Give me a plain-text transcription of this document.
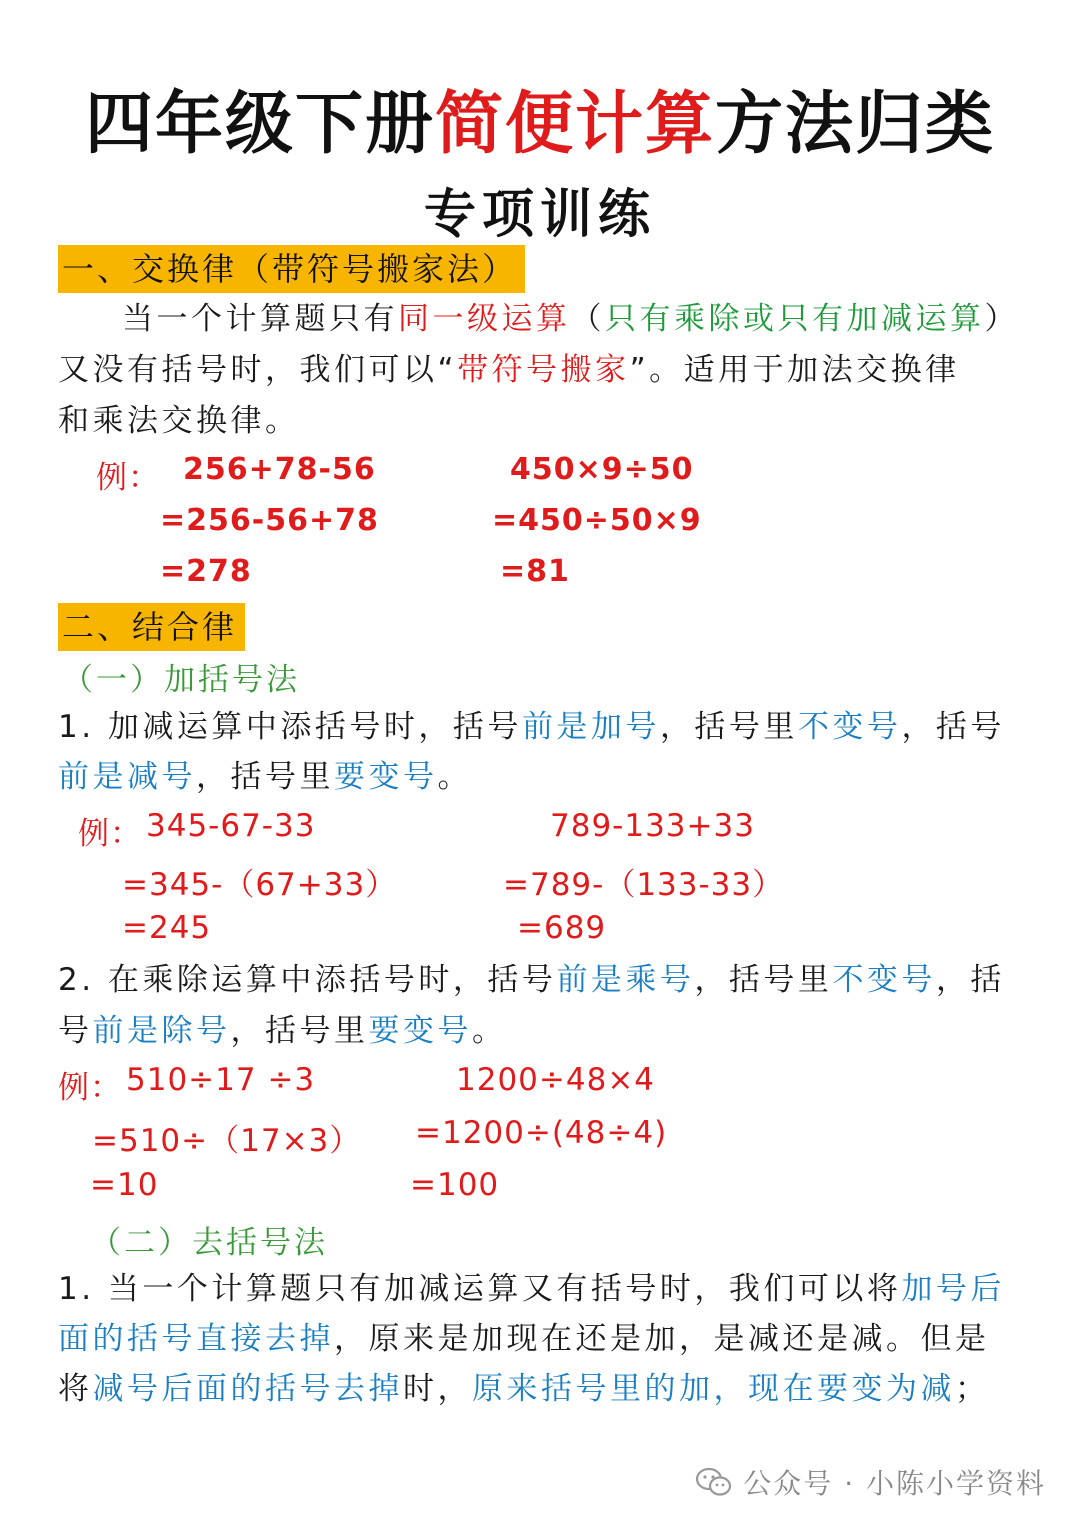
四年级下册简便计算方法归类
专项训练
一、交换律（带符号搬家法）
当一个计算题只有同一级运算（只有乘除或只有加减运算）
又没有括号时，我们可以“带符号搬家”。适用于加法交换律
和乘法交换律。
例： 256+78-56
=256-56+78
=278
450×9÷50
=450÷50×9
=81
二、结合律
（一）加括号法
1. 加减运算中添括号时，括号前是加号，括号里不变号，括号
前是减号，括号里要变号。
例： 345-67-33
=345-（67+33）
=245
789-133+33
=789-（133-33）
=689
2. 在乘除运算中添括号时，括号前是乘号，括号里不变号，括
号前是除号，括号里要变号。
例： 510÷17 ÷3
=510÷（17×3）
=10
1200÷48×4
=1200÷(48÷4)
=100
（二）去括号法
1. 当一个计算题只有加减运算又有括号时，我们可以将加号后
面的括号直接去掉，原来是加现在还是加，是减还是减。但是
将减号后面的括号去掉时，原来括号里的加，现在要变为减；
公众号 · 小陈小学资料
